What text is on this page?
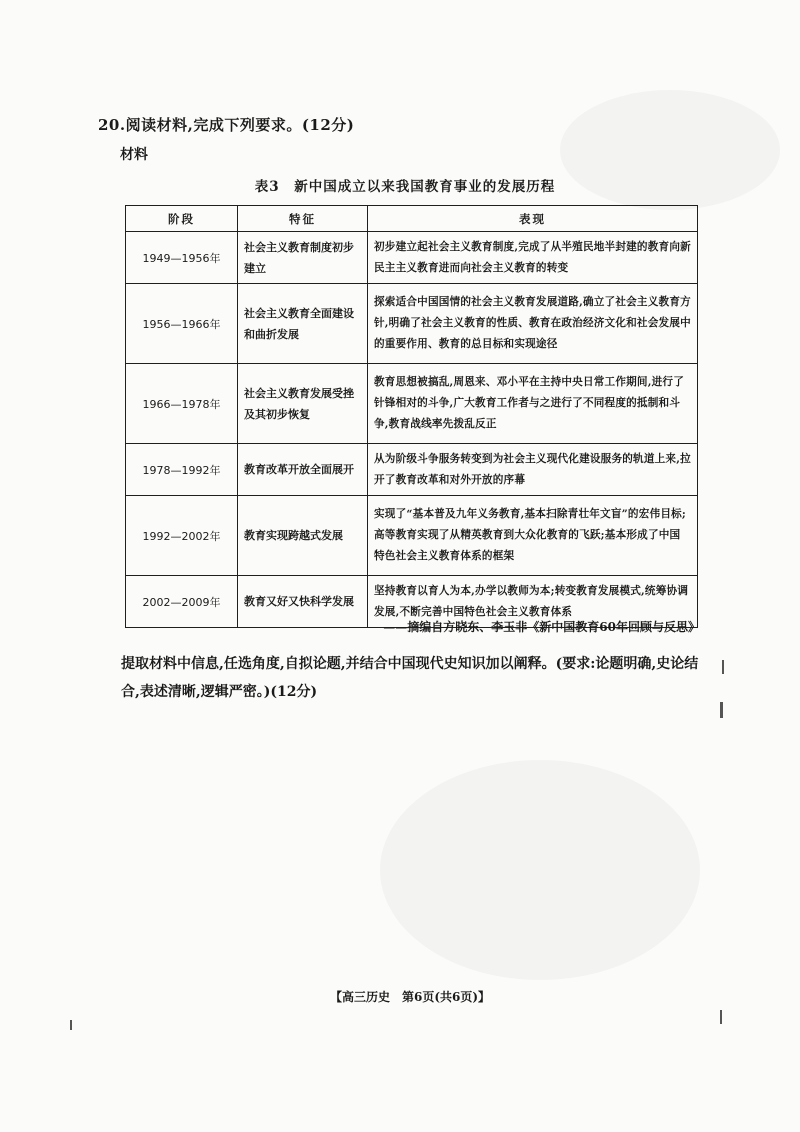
20.阅读材料,完成下列要求。(12分)
材料
表3　新中国成立以来我国教育事业的发展历程
阶段	特征	表现
1949—1956年	社会主义教育制度初步建立	初步建立起社会主义教育制度,完成了从半殖民地半封建的教育向新民主主义教育进而向社会主义教育的转变
1956—1966年	社会主义教育全面建设和曲折发展	探索适合中国国情的社会主义教育发展道路,确立了社会主义教育方针,明确了社会主义教育的性质、教育在政治经济文化和社会发展中的重要作用、教育的总目标和实现途径
1966—1978年	社会主义教育发展受挫及其初步恢复	教育思想被搞乱,周恩来、邓小平在主持中央日常工作期间,进行了针锋相对的斗争,广大教育工作者与之进行了不同程度的抵制和斗争,教育战线率先拨乱反正
1978—1992年	教育改革开放全面展开	从为阶级斗争服务转变到为社会主义现代化建设服务的轨道上来,拉开了教育改革和对外开放的序幕
1992—2002年	教育实现跨越式发展	实现了“基本普及九年义务教育,基本扫除青壮年文盲”的宏伟目标;高等教育实现了从精英教育到大众化教育的飞跃;基本形成了中国特色社会主义教育体系的框架
2002—2009年	教育又好又快科学发展	坚持教育以育人为本,办学以教师为本;转变教育发展模式,统筹协调发展,不断完善中国特色社会主义教育体系
——摘编自方晓东、李玉非《新中国教育60年回顾与反思》
提取材料中信息,任选角度,自拟论题,并结合中国现代史知识加以阐释。(要求:论题明确,史论结合,表述清晰,逻辑严密。)(12分)
【高三历史　第6页(共6页)】
